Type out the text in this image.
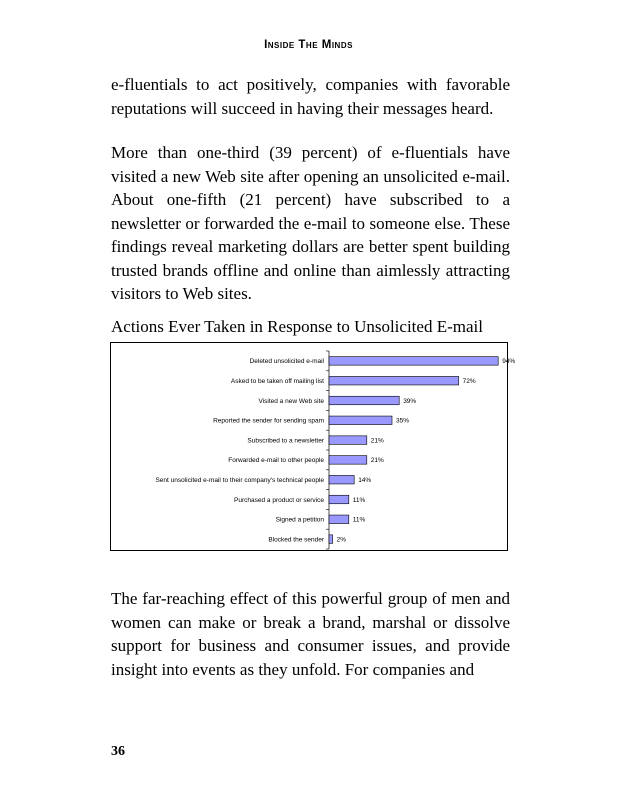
Inside The Minds

e-fluentials to act positively, companies with favorable reputations will succeed in having their messages heard.

More than one-third (39 percent) of e-fluentials have visited a new Web site after opening an unsolicited e-mail. About one-fifth (21 percent) have subscribed to a newsletter or forwarded the e-mail to someone else. These findings reveal marketing dollars are better spent building trusted brands offline and online than aimlessly attracting visitors to Web sites.

Actions Ever Taken in Response to Unsolicited E-mail

Deleted unsolicited e-mail	94%
Asked to be taken off mailing list	72%
Visited a new Web site	39%
Reported the sender for sending spam	35%
Subscribed to a newsletter	21%
Forwarded e-mail to other people	21%
Sent unsolicited e-mail to their company's technical people	14%
Purchased a product or service	11%
Signed a petition	11%
Blocked the sender 2%

The far-reaching effect of this powerful group of men and women can make or break a brand, marshal or dissolve support for business and consumer issues, and provide insight into events as they unfold. For companies and

36
